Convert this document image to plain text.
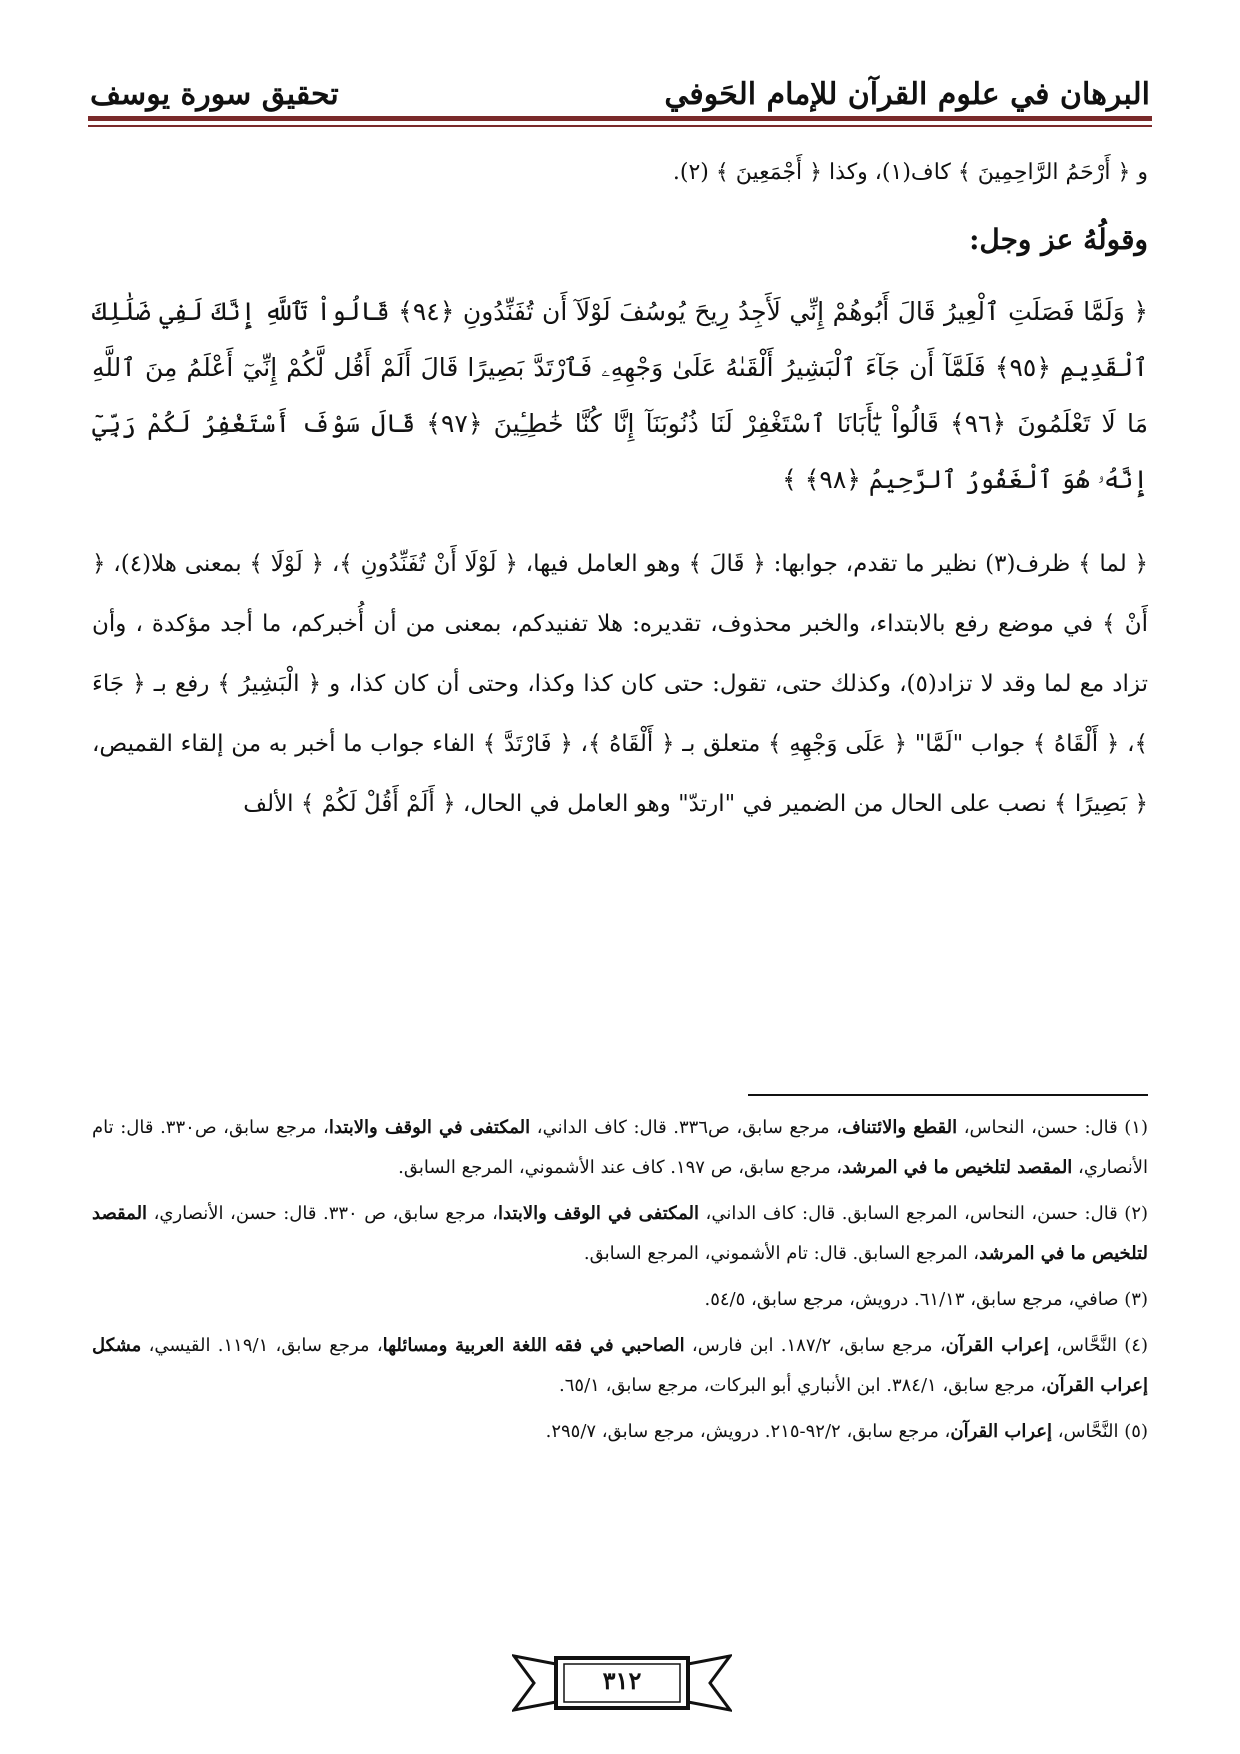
البرهان في علوم القرآن للإمام الحَوفي
تحقيق سورة يوسف
و ﴿ أَرْحَمُ الرَّاحِمِينَ ﴾ كاف(١)، وكذا ﴿ أَجْمَعِينَ ﴾ (٢).
وقولُهُ عز وجل:
﴿ وَلَمَّا فَصَلَتِ ٱلْعِيرُ قَالَ أَبُوهُمْ إِنِّي لَأَجِدُ رِيحَ يُوسُفَ لَوْلَآ أَن تُفَنِّدُونِ ﴿٩٤﴾ قَالُواْ تَٱللَّهِ إِنَّكَ لَفِي ضَلَٰلِكَ ٱلْقَدِيمِ ﴿٩٥﴾ فَلَمَّآ أَن جَآءَ ٱلْبَشِيرُ أَلْقَىٰهُ عَلَىٰ وَجْهِهِۦ فَٱرْتَدَّ بَصِيرًا قَالَ أَلَمْ أَقُل لَّكُمْ إِنِّيٓ أَعْلَمُ مِنَ ٱللَّهِ مَا لَا تَعْلَمُونَ ﴿٩٦﴾ قَالُواْ يَٰٓأَبَانَا ٱسْتَغْفِرْ لَنَا ذُنُوبَنَآ إِنَّا كُنَّا خَٰطِـِٔينَ ﴿٩٧﴾ قَالَ سَوْفَ أَسْتَغْفِرُ لَكُمْ رَبِّيٓ إِنَّهُۥ هُوَ ٱلْغَفُورُ ٱلرَّحِيمُ ﴿٩٨﴾ ﴾
﴿ لما ﴾ ظرف(٣) نظير ما تقدم، جوابها: ﴿ قَالَ ﴾ وهو العامل فيها، ﴿ لَوْلَا أَنْ تُفَنِّدُونِ ﴾، ﴿ لَوْلَا ﴾ بمعنى هلا(٤)، ﴿ أَنْ ﴾ في موضع رفع بالابتداء، والخبر محذوف، تقديره: هلا تفنيدكم، بمعنى من أن أُخبركم، ما أجد مؤكدة ، وأن تزاد مع لما وقد لا تزاد(٥)، وكذلك حتى، تقول: حتى كان كذا وكذا، وحتى أن كان كذا، و ﴿ الْبَشِيرُ ﴾ رفع بـ ﴿ جَاءَ ﴾، ﴿ أَلْقَاهُ ﴾ جواب "لَمَّا" ﴿ عَلَى وَجْهِهِ ﴾ متعلق بـ ﴿ أَلْقَاهُ ﴾، ﴿ فَارْتَدَّ ﴾ الفاء جواب ما أخبر به من إلقاء القميص، ﴿ بَصِيرًا ﴾ نصب على الحال من الضمير في "ارتدّ" وهو العامل في الحال، ﴿ أَلَمْ أَقُلْ لَكُمْ ﴾ الألف
(١) قال: حسن، النحاس، القطع والائتناف، مرجع سابق، ص٣٣٦. قال: كاف الداني، المكتفى في الوقف والابتدا، مرجع سابق، ص٣٣٠. قال: تام الأنصاري، المقصد لتلخيص ما في المرشد، مرجع سابق، ص ١٩٧. كاف عند الأشموني، المرجع السابق.
(٢) قال: حسن، النحاس، المرجع السابق. قال: كاف الداني، المكتفى في الوقف والابتدا، مرجع سابق، ص ٣٣٠. قال: حسن، الأنصاري، المقصد لتلخيص ما في المرشد، المرجع السابق. قال: تام الأشموني، المرجع السابق.
(٣) صافي، مرجع سابق، ٦١/١٣. درويش، مرجع سابق، ٥٤/٥.
(٤) النَّحَّاس، إعراب القرآن، مرجع سابق، ١٨٧/٢. ابن فارس، الصاحبي في فقه اللغة العربية ومسائلها، مرجع سابق، ١١٩/١. القيسي، مشكل إعراب القرآن، مرجع سابق، ٣٨٤/١. ابن الأنباري أبو البركات، مرجع سابق، ٦٥/١.
(٥) النَّحَّاس، إعراب القرآن، مرجع سابق، ٩٢/٢-٢١٥. درويش، مرجع سابق، ٢٩٥/٧.
٣١٢
